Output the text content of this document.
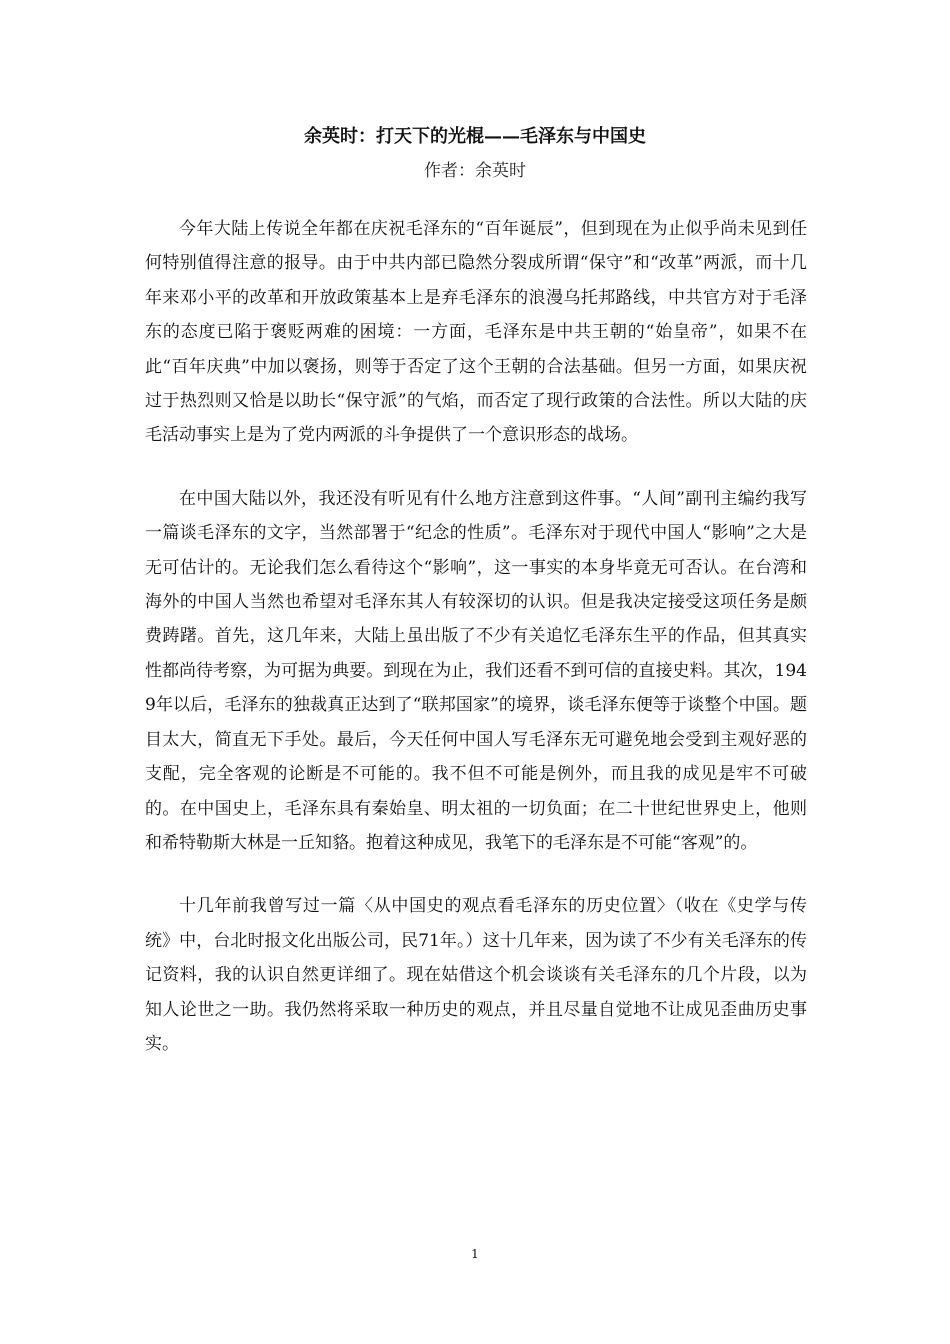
余英时：打天下的光棍——毛泽东与中国史
作者：余英时

今年大陆上传说全年都在庆祝毛泽东的“百年诞辰”，但到现在为止似乎尚未见到任何特别值得注意的报导。由于中共内部已隐然分裂成所谓“保守”和“改革”两派，而十几年来邓小平的改革和开放政策基本上是弃毛泽东的浪漫乌托邦路线，中共官方对于毛泽东的态度已陷于褒贬两难的困境：一方面，毛泽东是中共王朝的“始皇帝”，如果不在此“百年庆典”中加以褒扬，则等于否定了这个王朝的合法基础。但另一方面，如果庆祝过于热烈则又恰是以助长“保守派”的气焰，而否定了现行政策的合法性。所以大陆的庆毛活动事实上是为了党内两派的斗争提供了一个意识形态的战场。

在中国大陆以外，我还没有听见有什么地方注意到这件事。“人间”副刊主编约我写一篇谈毛泽东的文字，当然部署于“纪念的性质”。毛泽东对于现代中国人“影响”之大是无可估计的。无论我们怎么看待这个“影响”，这一事实的本身毕竟无可否认。在台湾和海外的中国人当然也希望对毛泽东其人有较深切的认识。但是我决定接受这项任务是颇费踌躇。首先，这几年来，大陆上虽出版了不少有关追忆毛泽东生平的作品，但其真实性都尚待考察，为可据为典要。到现在为止，我们还看不到可信的直接史料。其次，1949年以后，毛泽东的独裁真正达到了“联邦国家”的境界，谈毛泽东便等于谈整个中国。题目太大，简直无下手处。最后，今天任何中国人写毛泽东无可避免地会受到主观好恶的支配，完全客观的论断是不可能的。我不但不可能是例外，而且我的成见是牢不可破的。在中国史上，毛泽东具有秦始皇、明太祖的一切负面；在二十世纪世界史上，他则和希特勒斯大林是一丘知貉。抱着这种成见，我笔下的毛泽东是不可能“客观”的。

十几年前我曾写过一篇〈从中国史的观点看毛泽东的历史位置〉（收在《史学与传统》中，台北时报文化出版公司，民71年。）这十几年来，因为读了不少有关毛泽东的传记资料，我的认识自然更详细了。现在姑借这个机会谈谈有关毛泽东的几个片段，以为知人论世之一助。我仍然将采取一种历史的观点，并且尽量自觉地不让成见歪曲历史事实。

1
